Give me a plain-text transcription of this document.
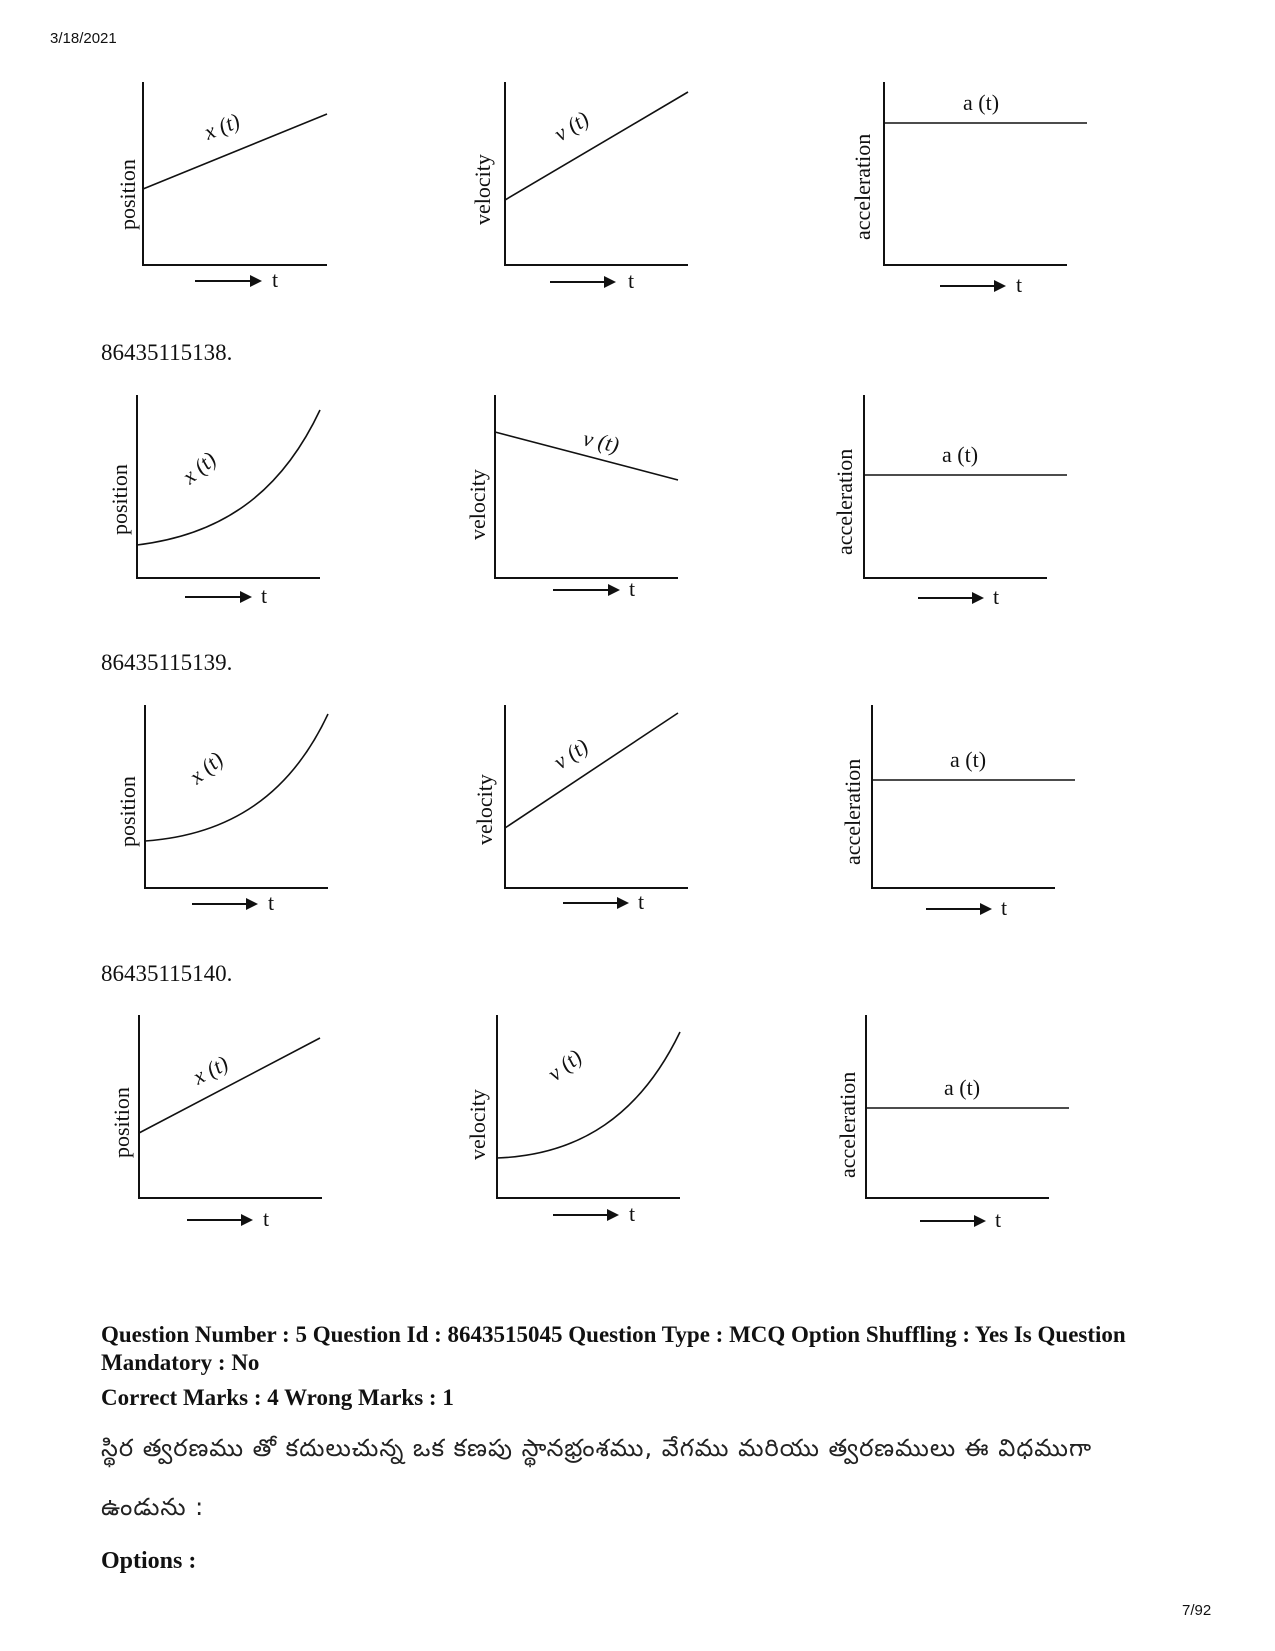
3/18/2021
x (t)
position
t
v (t)
velocity
t
a (t)
acceleration
t
86435115138.
x (t)
position
t
v (t)
velocity
t
a (t)
acceleration
t
86435115139.
x (t)
position
t
v (t)
velocity
t
a (t)
acceleration
t
86435115140.
x (t)
position
t
v (t)
velocity
t
a (t)
acceleration
t
Question Number : 5 Question Id : 8643515045 Question Type : MCQ Option Shuffling : Yes Is Question Mandatory : No
Correct Marks : 4 Wrong Marks : 1
స్థిర త్వరణము తో కదులుచున్న ఒక కణపు స్థానభ్రంశము, వేగము మరియు త్వరణములు ఈ విధముగా
ఉండును :
Options :
7/92
